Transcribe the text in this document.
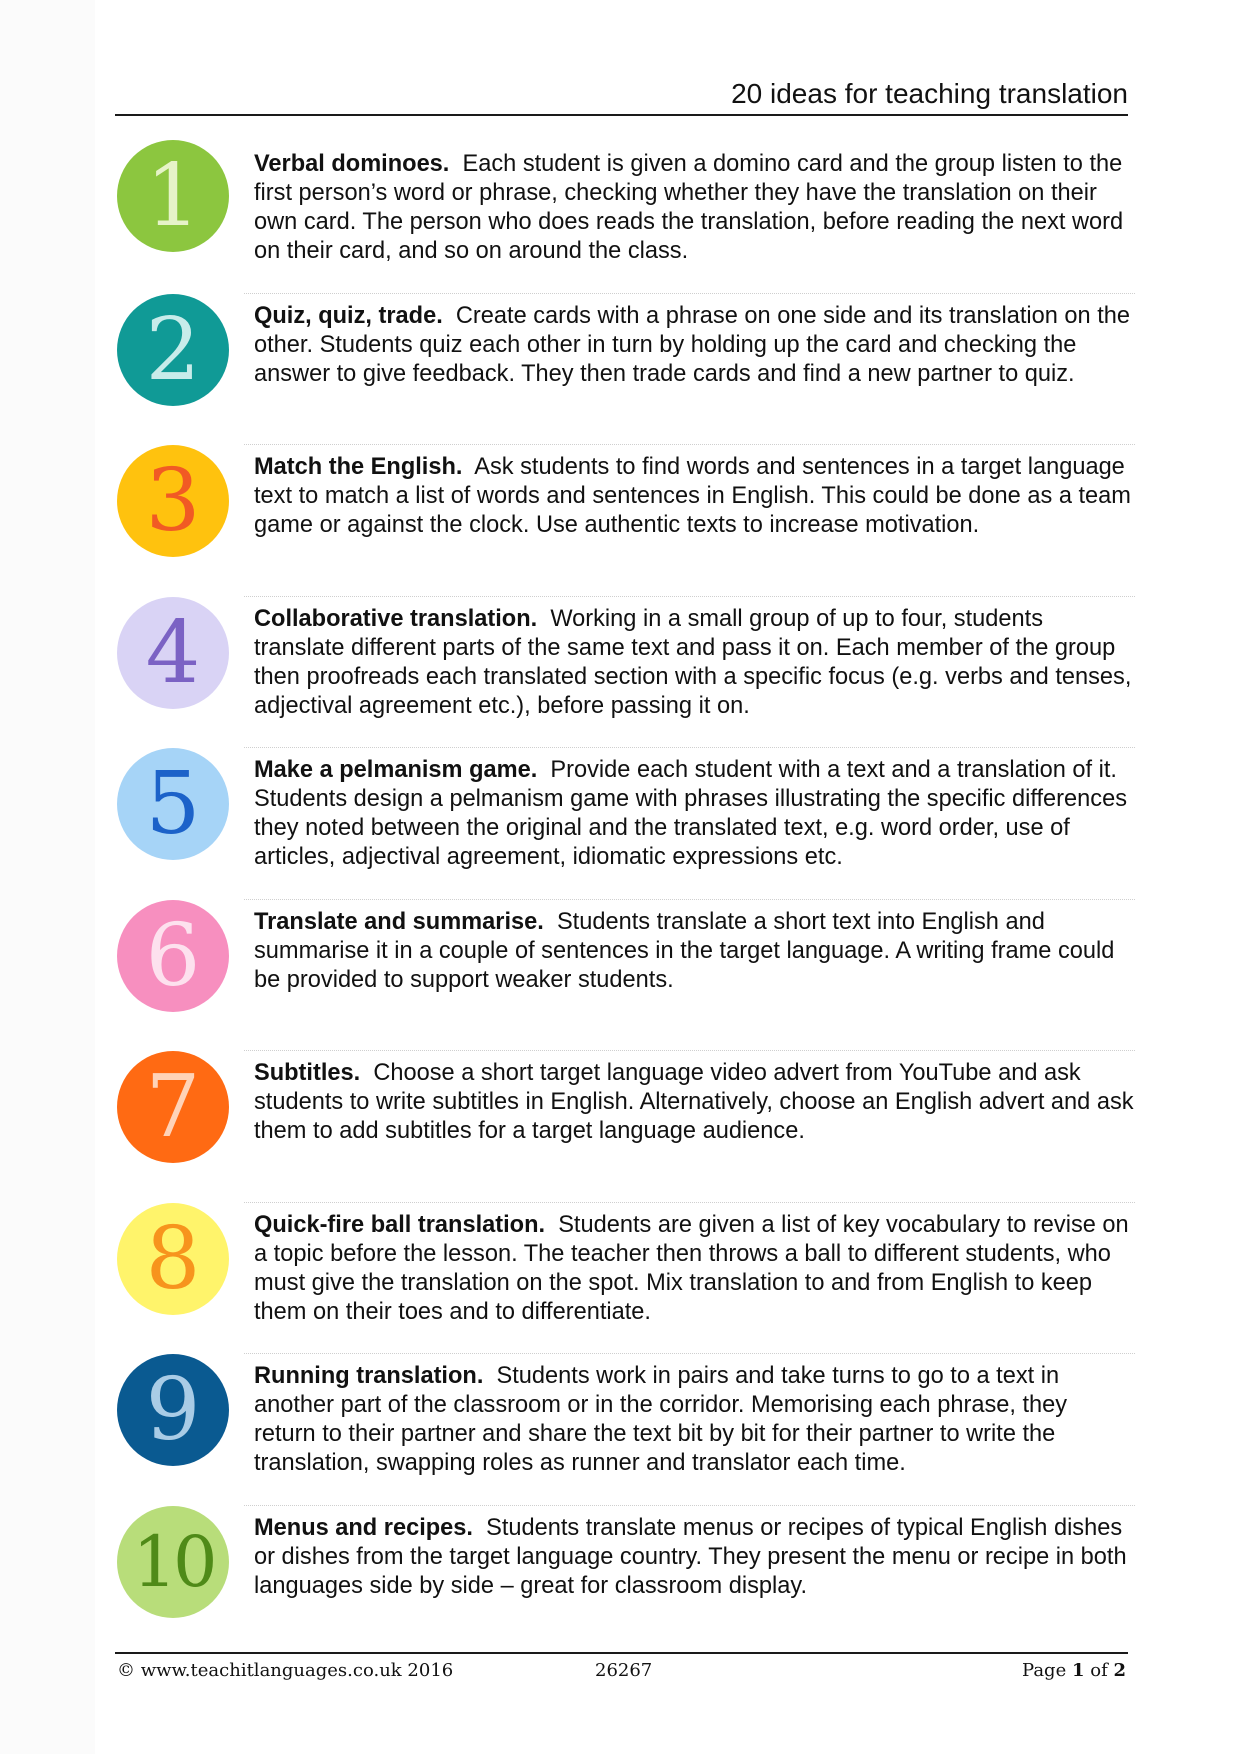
20 ideas for teaching translation
1	Verbal dominoes. Each student is given a domino card and the group listen to the first person’s word or phrase, checking whether they have the translation on their own card. The person who does reads the translation, before reading the next word on their card, and so on around the class.
2	Quiz, quiz, trade. Create cards with a phrase on one side and its translation on the other. Students quiz each other in turn by holding up the card and checking the answer to give feedback. They then trade cards and find a new partner to quiz.
3	Match the English. Ask students to find words and sentences in a target language text to match a list of words and sentences in English. This could be done as a team game or against the clock. Use authentic texts to increase motivation.
4	Collaborative translation. Working in a small group of up to four, students translate different parts of the same text and pass it on. Each member of the group then proofreads each translated section with a specific focus (e.g. verbs and tenses, adjectival agreement etc.), before passing it on.
5	Make a pelmanism game. Provide each student with a text and a translation of it. Students design a pelmanism game with phrases illustrating the specific differences they noted between the original and the translated text, e.g. word order, use of articles, adjectival agreement, idiomatic expressions etc.
6	Translate and summarise. Students translate a short text into English and summarise it in a couple of sentences in the target language. A writing frame could be provided to support weaker students.
7	Subtitles. Choose a short target language video advert from YouTube and ask students to write subtitles in English. Alternatively, choose an English advert and ask them to add subtitles for a target language audience.
8	Quick-fire ball translation. Students are given a list of key vocabulary to revise on a topic before the lesson. The teacher then throws a ball to different students, who must give the translation on the spot. Mix translation to and from English to keep them on their toes and to differentiate.
9	Running translation. Students work in pairs and take turns to go to a text in another part of the classroom or in the corridor. Memorising each phrase, they return to their partner and share the text bit by bit for their partner to write the translation, swapping roles as runner and translator each time.
10	Menus and recipes. Students translate menus or recipes of typical English dishes or dishes from the target language country. They present the menu or recipe in both languages side by side – great for classroom display.
© www.teachitlanguages.co.uk 2016	26267	Page 1 of 2
